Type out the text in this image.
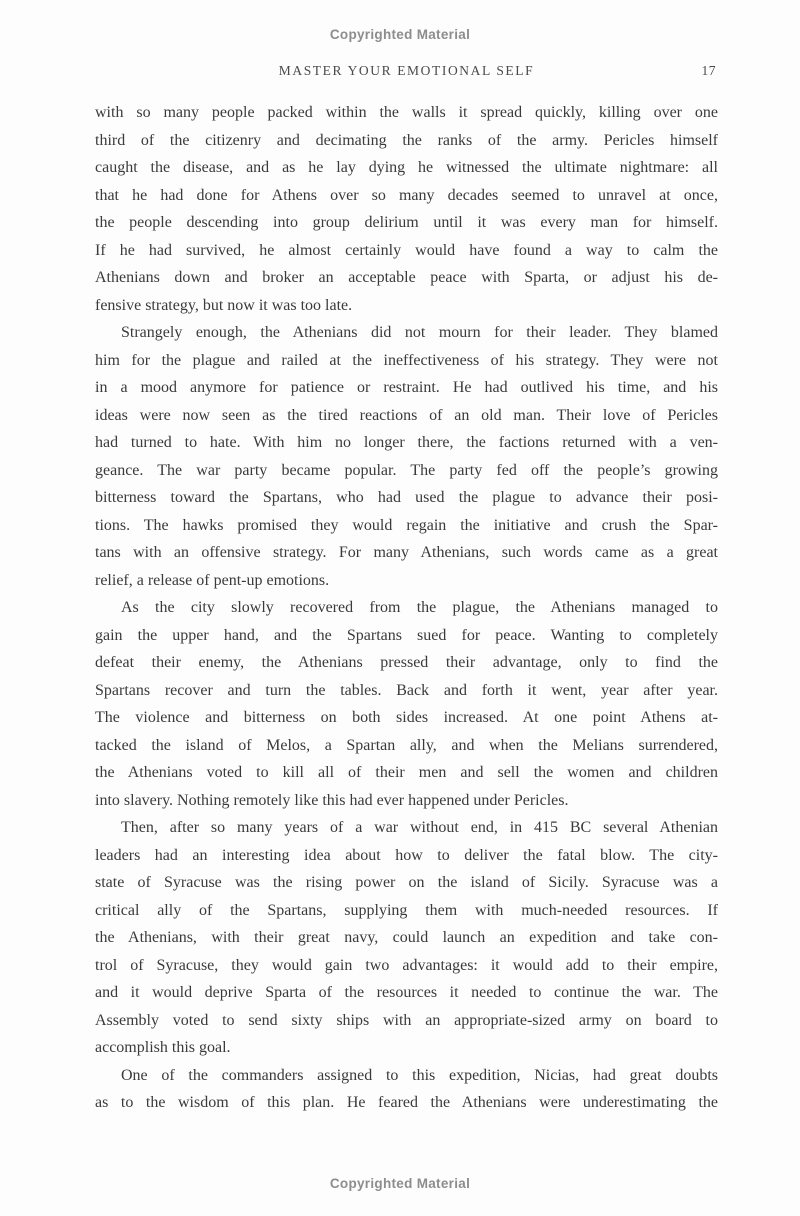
Copyrighted Material
MASTER YOUR EMOTIONAL SELF	17
with so many people packed within the walls it spread quickly, killing over one
third of the citizenry and decimating the ranks of the army. Pericles himself
caught the disease, and as he lay dying he witnessed the ultimate nightmare: all
that he had done for Athens over so many decades seemed to unravel at once,
the people descending into group delirium until it was every man for himself.
If he had survived, he almost certainly would have found a way to calm the
Athenians down and broker an acceptable peace with Sparta, or adjust his de-
fensive strategy, but now it was too late.
Strangely enough, the Athenians did not mourn for their leader. They blamed
him for the plague and railed at the ineffectiveness of his strategy. They were not
in a mood anymore for patience or restraint. He had outlived his time, and his
ideas were now seen as the tired reactions of an old man. Their love of Pericles
had turned to hate. With him no longer there, the factions returned with a ven-
geance. The war party became popular. The party fed off the people’s growing
bitterness toward the Spartans, who had used the plague to advance their posi-
tions. The hawks promised they would regain the initiative and crush the Spar-
tans with an offensive strategy. For many Athenians, such words came as a great
relief, a release of pent-up emotions.
As the city slowly recovered from the plague, the Athenians managed to
gain the upper hand, and the Spartans sued for peace. Wanting to completely
defeat their enemy, the Athenians pressed their advantage, only to find the
Spartans recover and turn the tables. Back and forth it went, year after year.
The violence and bitterness on both sides increased. At one point Athens at-
tacked the island of Melos, a Spartan ally, and when the Melians surrendered,
the Athenians voted to kill all of their men and sell the women and children
into slavery. Nothing remotely like this had ever happened under Pericles.
Then, after so many years of a war without end, in 415 BC several Athenian
leaders had an interesting idea about how to deliver the fatal blow. The city-
state of Syracuse was the rising power on the island of Sicily. Syracuse was a
critical ally of the Spartans, supplying them with much-needed resources. If
the Athenians, with their great navy, could launch an expedition and take con-
trol of Syracuse, they would gain two advantages: it would add to their empire,
and it would deprive Sparta of the resources it needed to continue the war. The
Assembly voted to send sixty ships with an appropriate-sized army on board to
accomplish this goal.
One of the commanders assigned to this expedition, Nicias, had great doubts
as to the wisdom of this plan. He feared the Athenians were underestimating the
Copyrighted Material
